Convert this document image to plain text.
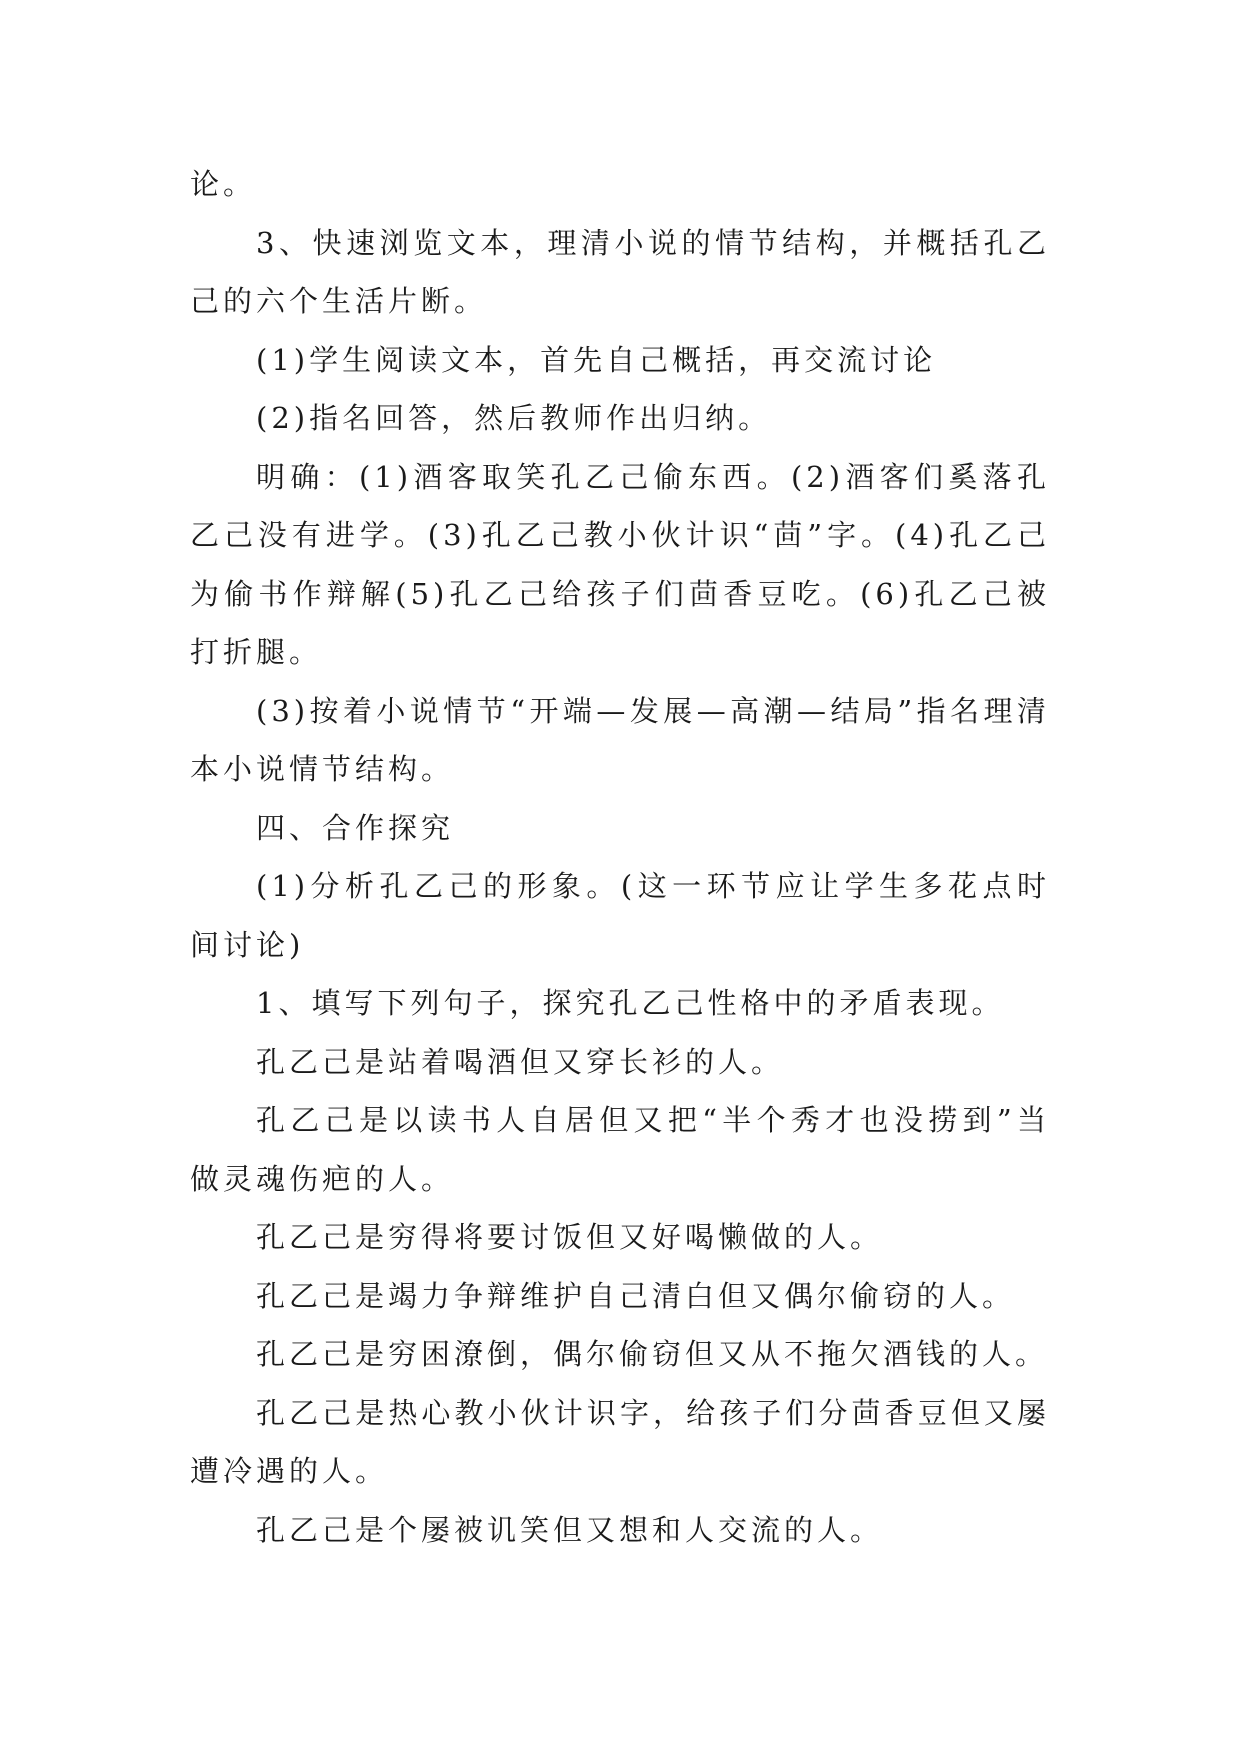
论。

3、快速浏览文本，理清小说的情节结构，并概括孔乙己的六个生活片断。

(1)学生阅读文本，首先自己概括，再交流讨论

(2)指名回答，然后教师作出归纳。

明确：(1)酒客取笑孔乙己偷东西。(2)酒客们奚落孔乙己没有进学。(3)孔乙己教小伙计识“茴”字。(4)孔乙己为偷书作辩解(5)孔乙己给孩子们茴香豆吃。(6)孔乙己被打折腿。

(3)按着小说情节“开端—发展—高潮—结局”指名理清本小说情节结构。

四、合作探究

(1)分析孔乙己的形象。(这一环节应让学生多花点时间讨论)

1、填写下列句子，探究孔乙己性格中的矛盾表现。

孔乙己是站着喝酒但又穿长衫的人。

孔乙己是以读书人自居但又把“半个秀才也没捞到”当做灵魂伤疤的人。

孔乙己是穷得将要讨饭但又好喝懒做的人。

孔乙己是竭力争辩维护自己清白但又偶尔偷窃的人。

孔乙己是穷困潦倒，偶尔偷窃但又从不拖欠酒钱的人。

孔乙己是热心教小伙计识字，给孩子们分茴香豆但又屡遭冷遇的人。

孔乙己是个屡被讥笑但又想和人交流的人。
